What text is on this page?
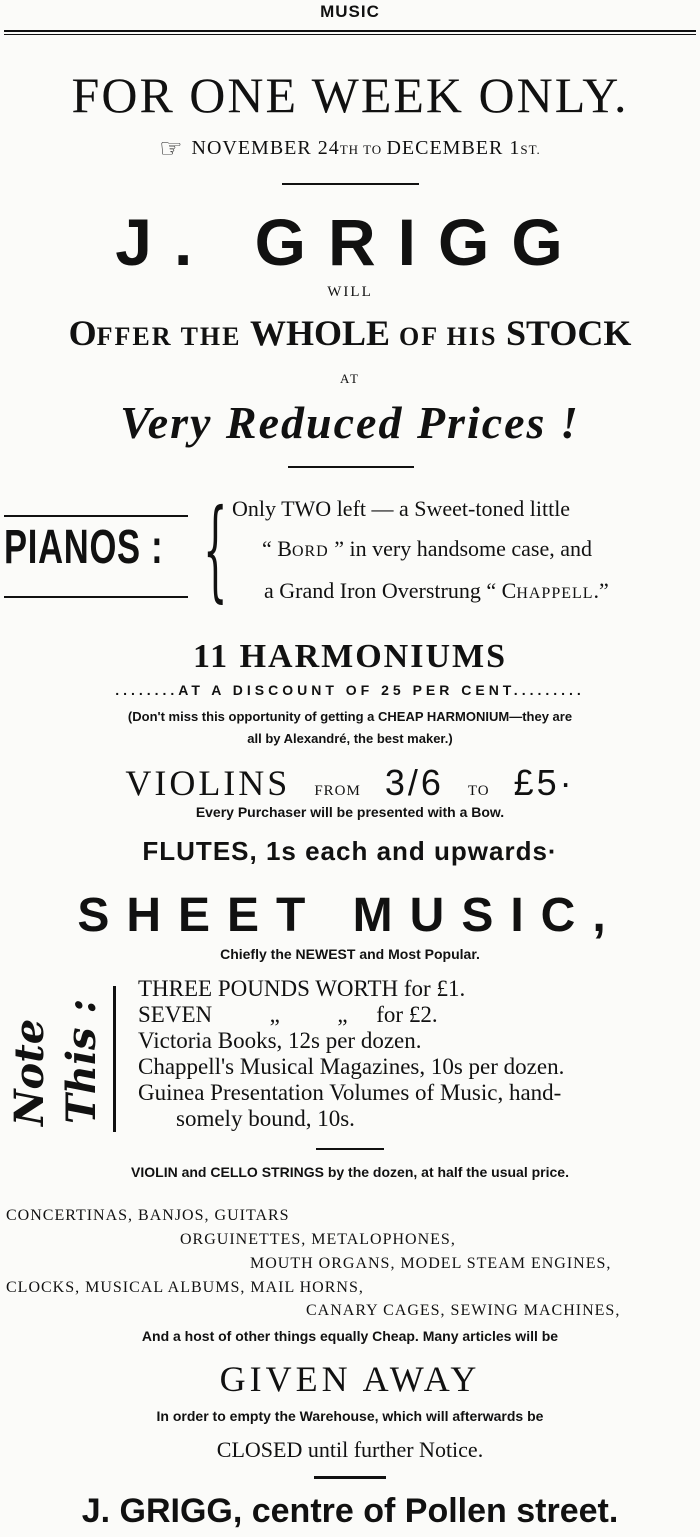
MUSIC
FOR ONE WEEK ONLY.
☞ NOVEMBER 24TH TO DECEMBER 1ST.
J. GRIGG
WILL
OFFER THE WHOLE OF HIS STOCK
AT
Very Reduced Prices !
PIANOS : { Only TWO left — a Sweet-toned little
“ BORD ” in very handsome case, and
a Grand Iron Overstrung “ CHAPPELL.”
11 HARMONIUMS
........AT A DISCOUNT OF 25 PER CENT.........
(Don't miss this opportunity of getting a CHEAP HARMONIUM—they are
all by Alexandré, the best maker.)
VIOLINS FROM 3/6 TO £5·
Every Purchaser will be presented with a Bow.
FLUTES, 1s each and upwards·
SHEET MUSIC,
Chiefly the NEWEST and Most Popular.
Note This :
THREE POUNDS WORTH for £1.
SEVEN          „          „     for £2.
Victoria Books, 12s per dozen.
Chappell's Musical Magazines, 10s per dozen.
Guinea Presentation Volumes of Music, hand-
somely bound, 10s.
VIOLIN and CELLO STRINGS by the dozen, at half the usual price.
CONCERTINAS, BANJOS, GUITARS
ORGUINETTES, METALOPHONES,
MOUTH ORGANS, MODEL STEAM ENGINES,
CLOCKS, MUSICAL ALBUMS, MAIL HORNS,
CANARY CAGES, SEWING MACHINES,
And a host of other things equally Cheap. Many articles will be
GIVEN AWAY
In order to empty the Warehouse, which will afterwards be
CLOSED until further Notice.
J. GRIGG, centre of Pollen street.
